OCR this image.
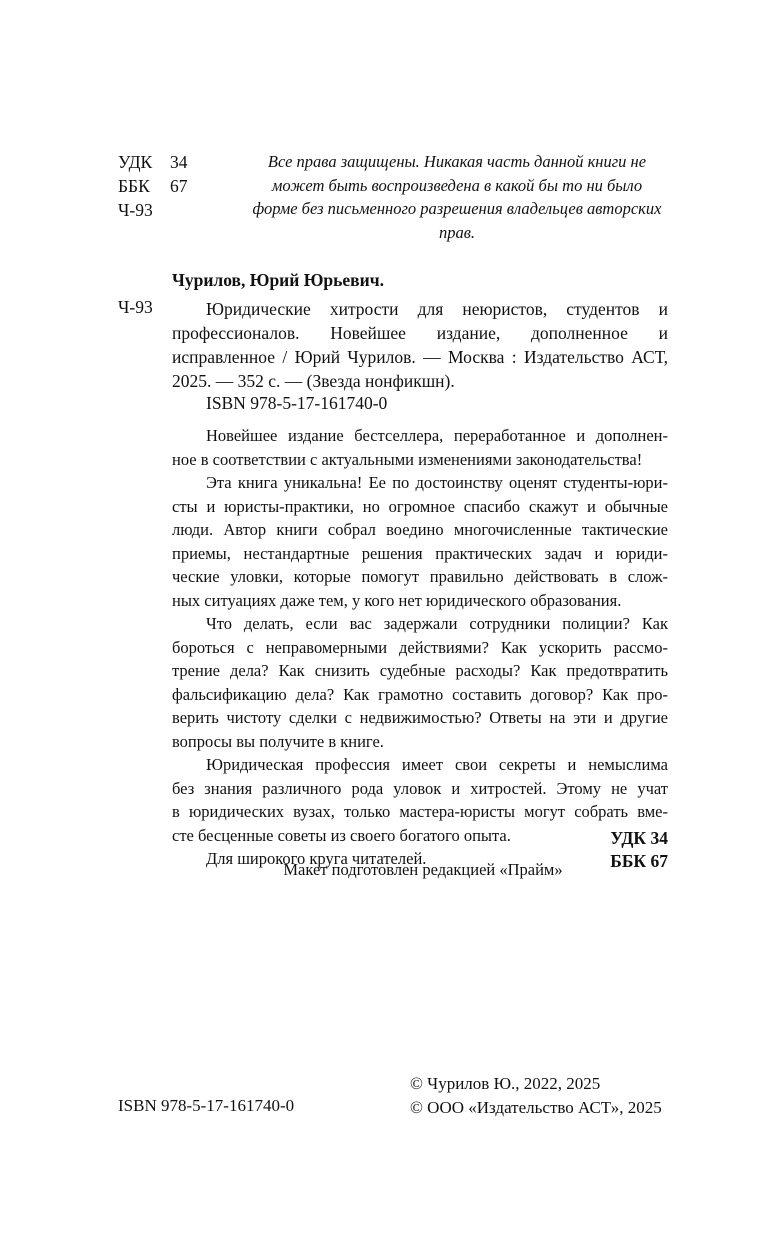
УДК	34
ББК	67
Ч-93
Все права защищены. Никакая часть данной книги не может быть воспроизведена в какой бы то ни было форме без письменного разрешения владельцев авторских прав.
Чурилов, Юрий Юрьевич.
Ч-93	Юридические хитрости для неюристов, студентов и профессионалов. Новейшее издание, дополненное и исправленное / Юрий Чурилов. — Москва : Издательство АСТ, 2025. — 352 с. — (Звезда нонфикшн).

ISBN 978-5-17-161740-0
Новейшее издание бестселлера, переработанное и дополнен-
ное в соответствии с актуальными изменениями законодательства!
Эта книга уникальна! Ее по достоинству оценят студенты-юри-
сты и юристы-практики, но огромное спасибо скажут и обычные
люди. Автор книги собрал воедино многочисленные тактические
приемы, нестандартные решения практических задач и юриди-
ческие уловки, которые помогут правильно действовать в слож-
ных ситуациях даже тем, у кого нет юридического образования.
Что делать, если вас задержали сотрудники полиции? Как
бороться с неправомерными действиями? Как ускорить рассмо-
трение дела? Как снизить судебные расходы? Как предотвратить
фальсификацию дела? Как грамотно составить договор? Как про-
верить чистоту сделки с недвижимостью? Ответы на эти и другие
вопросы вы получите в книге.
Юридическая профессия имеет свои секреты и немыслима
без знания различного рода уловок и хитростей. Этому не учат
в юридических вузах, только мастера-юристы могут собрать вме-
сте бесценные советы из своего богатого опыта.
Для широкого круга читателей.
УДК 34
ББК 67
Макет подготовлен редакцией «Прайм»
© Чурилов Ю., 2022, 2025
© ООО «Издательство АСТ», 2025
ISBN 978-5-17-161740-0
